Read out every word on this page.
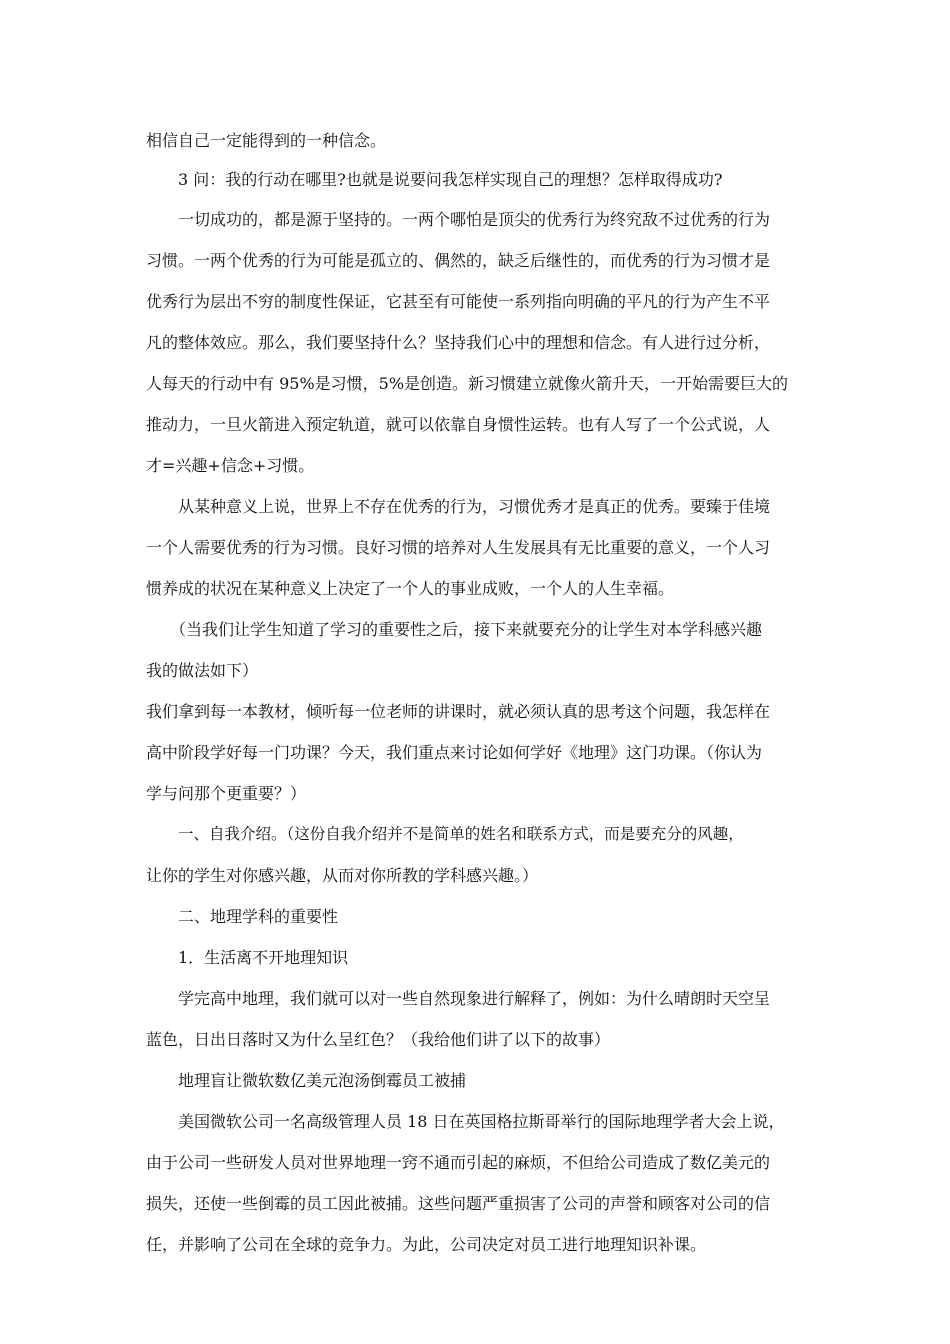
相信自己一定能得到的一种信念。
3 问：我的行动在哪里?也就是说要问我怎样实现自己的理想？怎样取得成功?
一切成功的，都是源于坚持的。一两个哪怕是顶尖的优秀行为终究敌不过优秀的行为
习惯。一两个优秀的行为可能是孤立的、偶然的，缺乏后继性的，而优秀的行为习惯才是
优秀行为层出不穷的制度性保证，它甚至有可能使一系列指向明确的平凡的行为产生不平
凡的整体效应。那么，我们要坚持什么？坚持我们心中的理想和信念。有人进行过分析，
人每天的行动中有 95%是习惯，5%是创造。新习惯建立就像火箭升天，一开始需要巨大的
推动力，一旦火箭进入预定轨道，就可以依靠自身惯性运转。也有人写了一个公式说，人
才=兴趣+信念+习惯。
从某种意义上说，世界上不存在优秀的行为，习惯优秀才是真正的优秀。要臻于佳境
一个人需要优秀的行为习惯。良好习惯的培养对人生发展具有无比重要的意义，一个人习
惯养成的状况在某种意义上决定了一个人的事业成败，一个人的人生幸福。
（当我们让学生知道了学习的重要性之后，接下来就要充分的让学生对本学科感兴趣
我的做法如下）
我们拿到每一本教材，倾听每一位老师的讲课时，就必须认真的思考这个问题，我怎样在
高中阶段学好每一门功课？今天，我们重点来讨论如何学好《地理》这门功课。（你认为
学与问那个更重要？）
一、自我介绍。（这份自我介绍并不是简单的姓名和联系方式，而是要充分的风趣，
让你的学生对你感兴趣，从而对你所教的学科感兴趣。）
二、地理学科的重要性
1．生活离不开地理知识
学完高中地理，我们就可以对一些自然现象进行解释了，例如：为什么晴朗时天空呈
蓝色，日出日落时又为什么呈红色？（我给他们讲了以下的故事）
地理盲让微软数亿美元泡汤倒霉员工被捕
美国微软公司一名高级管理人员 18 日在英国格拉斯哥举行的国际地理学者大会上说，
由于公司一些研发人员对世界地理一窍不通而引起的麻烦，不但给公司造成了数亿美元的
损失，还使一些倒霉的员工因此被捕。这些问题严重损害了公司的声誉和顾客对公司的信
任，并影响了公司在全球的竞争力。为此，公司决定对员工进行地理知识补课。
